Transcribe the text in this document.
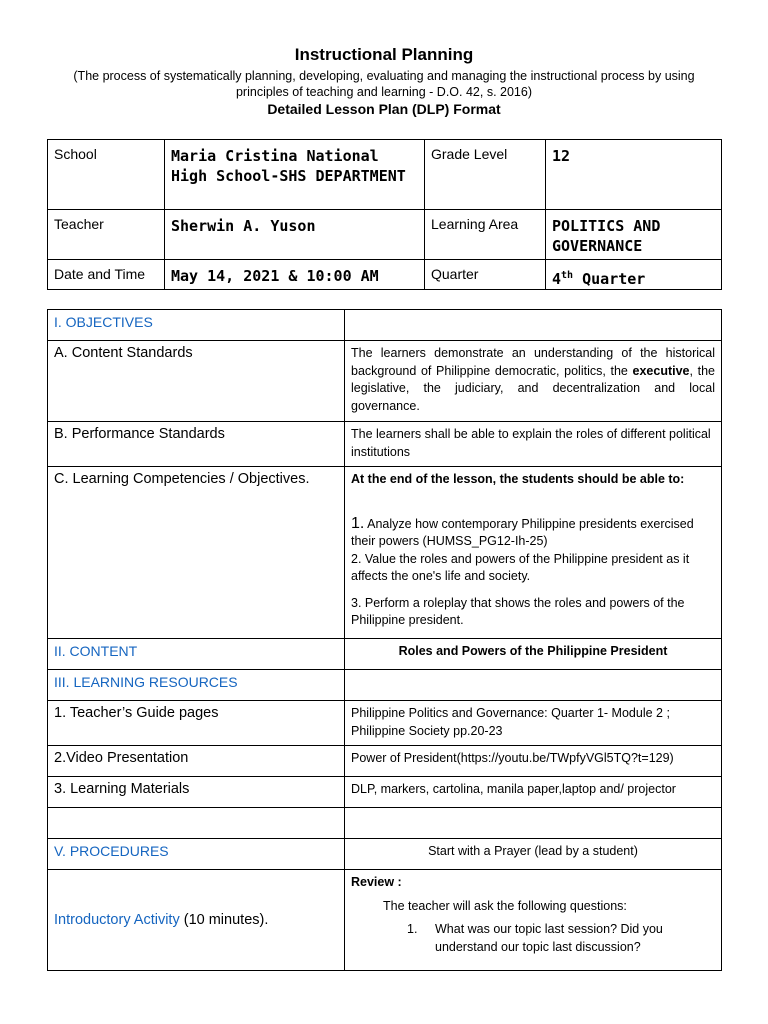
Instructional Planning
(The process of systematically planning, developing, evaluating and managing the instructional process by using principles of teaching and learning - D.O. 42, s. 2016)
Detailed Lesson Plan (DLP) Format
School	Maria Cristina National High School-SHS DEPARTMENT	Grade Level	12
Teacher	Sherwin A. Yuson	Learning Area	POLITICS AND GOVERNANCE
Date and Time	May 14, 2021 & 10:00 AM	Quarter	4th Quarter
I. OBJECTIVES	
A. Content Standards	The learners demonstrate an understanding of the historical background of Philippine democratic, politics, the executive, the legislative, the judiciary, and decentralization and local governance.
B. Performance Standards	The learners shall be able to explain the roles of different political institutions
C. Learning Competencies / Objectives.	At the end of the lesson, the students should be able to:
1. Analyze how contemporary Philippine presidents exercised their powers (HUMSS_PG12-Ih-25)
2. Value the roles and powers of the Philippine president as it affects the one's life and society.
3. Perform a roleplay that shows the roles and powers of the Philippine president.

II. CONTENT	Roles and Powers of the Philippine President
III. LEARNING RESOURCES	
1. Teacher’s Guide pages	Philippine Politics and Governance: Quarter 1- Module 2 ; Philippine Society pp.20-23
2.Video Presentation	Power of President(https://youtu.be/TWpfyVGl5TQ?t=129)
3. Learning Materials	DLP, markers, cartolina, manila paper,laptop and/ projector

V. PROCEDURES	Start with a Prayer (lead by a student)
Introductory Activity (10 minutes).	Review :
The teacher will ask the following questions:
1. What was our topic last session? Did you understand our topic last discussion?
